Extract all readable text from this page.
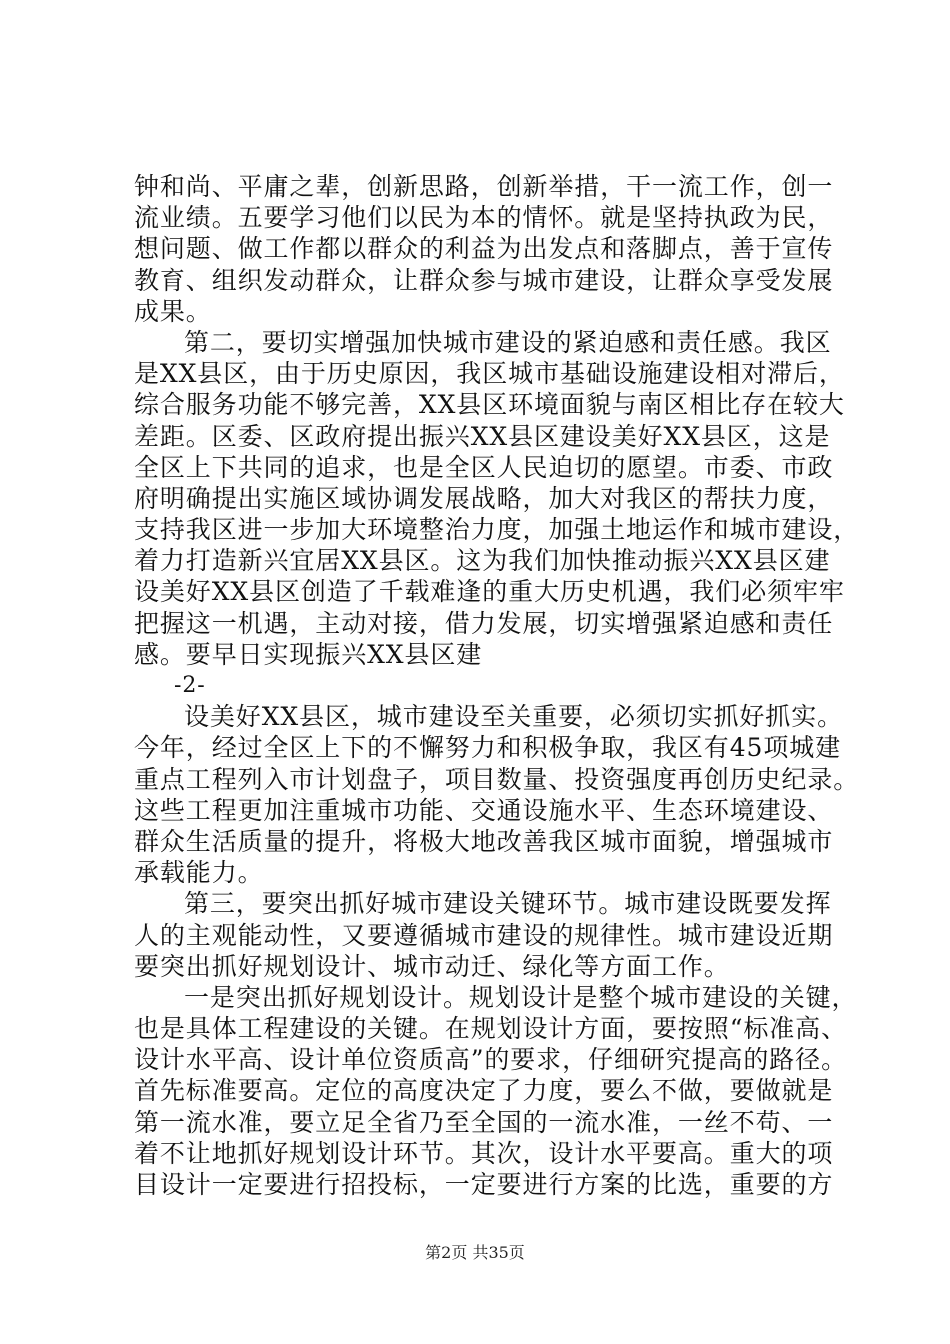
钟和尚、平庸之辈，创新思路，创新举措，干一流工作，创一
流业绩。五要学习他们以民为本的情怀。就是坚持执政为民，
想问题、做工作都以群众的利益为出发点和落脚点，善于宣传
教育、组织发动群众，让群众参与城市建设，让群众享受发展
成果。
第二，要切实增强加快城市建设的紧迫感和责任感。我区
是XX县区，由于历史原因，我区城市基础设施建设相对滞后，
综合服务功能不够完善，XX县区环境面貌与南区相比存在较大
差距。区委、区政府提出振兴XX县区建设美好XX县区，这是
全区上下共同的追求，也是全区人民迫切的愿望。市委、市政
府明确提出实施区域协调发展战略，加大对我区的帮扶力度，
支持我区进一步加大环境整治力度，加强土地运作和城市建设，
着力打造新兴宜居XX县区。这为我们加快推动振兴XX县区建
设美好XX县区创造了千载难逢的重大历史机遇，我们必须牢牢
把握这一机遇，主动对接，借力发展，切实增强紧迫感和责任
感。要早日实现振兴XX县区建
-2-
设美好XX县区，城市建设至关重要，必须切实抓好抓实。
今年，经过全区上下的不懈努力和积极争取，我区有45项城建
重点工程列入市计划盘子，项目数量、投资强度再创历史纪录。
这些工程更加注重城市功能、交通设施水平、生态环境建设、
群众生活质量的提升，将极大地改善我区城市面貌，增强城市
承载能力。
第三，要突出抓好城市建设关键环节。城市建设既要发挥
人的主观能动性，又要遵循城市建设的规律性。城市建设近期
要突出抓好规划设计、城市动迁、绿化等方面工作。
一是突出抓好规划设计。规划设计是整个城市建设的关键，
也是具体工程建设的关键。在规划设计方面，要按照“标准高、
设计水平高、设计单位资质高”的要求，仔细研究提高的路径。
首先标准要高。定位的高度决定了力度，要么不做，要做就是
第一流水准，要立足全省乃至全国的一流水准，一丝不苟、一
着不让地抓好规划设计环节。其次，设计水平要高。重大的项
目设计一定要进行招投标，一定要进行方案的比选，重要的方
第2页 共35页
